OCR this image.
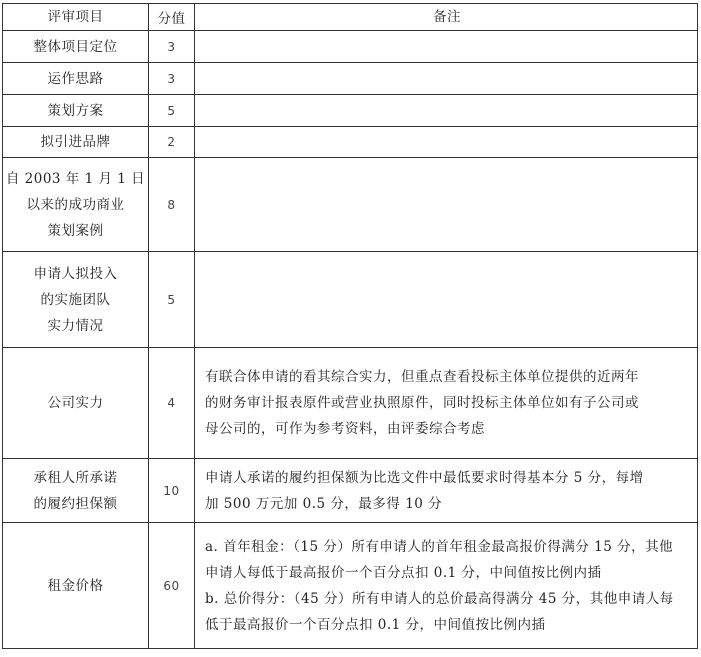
评审项目	分值	备注

整体项目定位	3	

运作思路	3	

策划方案	5	

拟引进品牌	2	

自 2003 年 1 月 1 日
以来的成功商业
策划案例	8	

申请人拟投入
的实施团队
实力情况	5	

公司实力	4	有联合体申请的看其综合实力，但重点查看投标主体单位提供的近两年
的财务审计报表原件或营业执照原件，同时投标主体单位如有子公司或
母公司的，可作为参考资料，由评委综合考虑

承租人所承诺
的履约担保额	10	申请人承诺的履约担保额为比选文件中最低要求时得基本分 5 分，每增
加 500 万元加 0.5 分，最多得 10 分

租金价格	60	a. 首年租金：（15 分）所有申请人的首年租金最高报价得满分 15 分，其他
申请人每低于最高报价一个百分点扣 0.1 分，中间值按比例内插
b. 总价得分：（45 分）所有申请人的总价最高得满分 45 分，其他申请人每
低于最高报价一个百分点扣 0.1 分，中间值按比例内插
